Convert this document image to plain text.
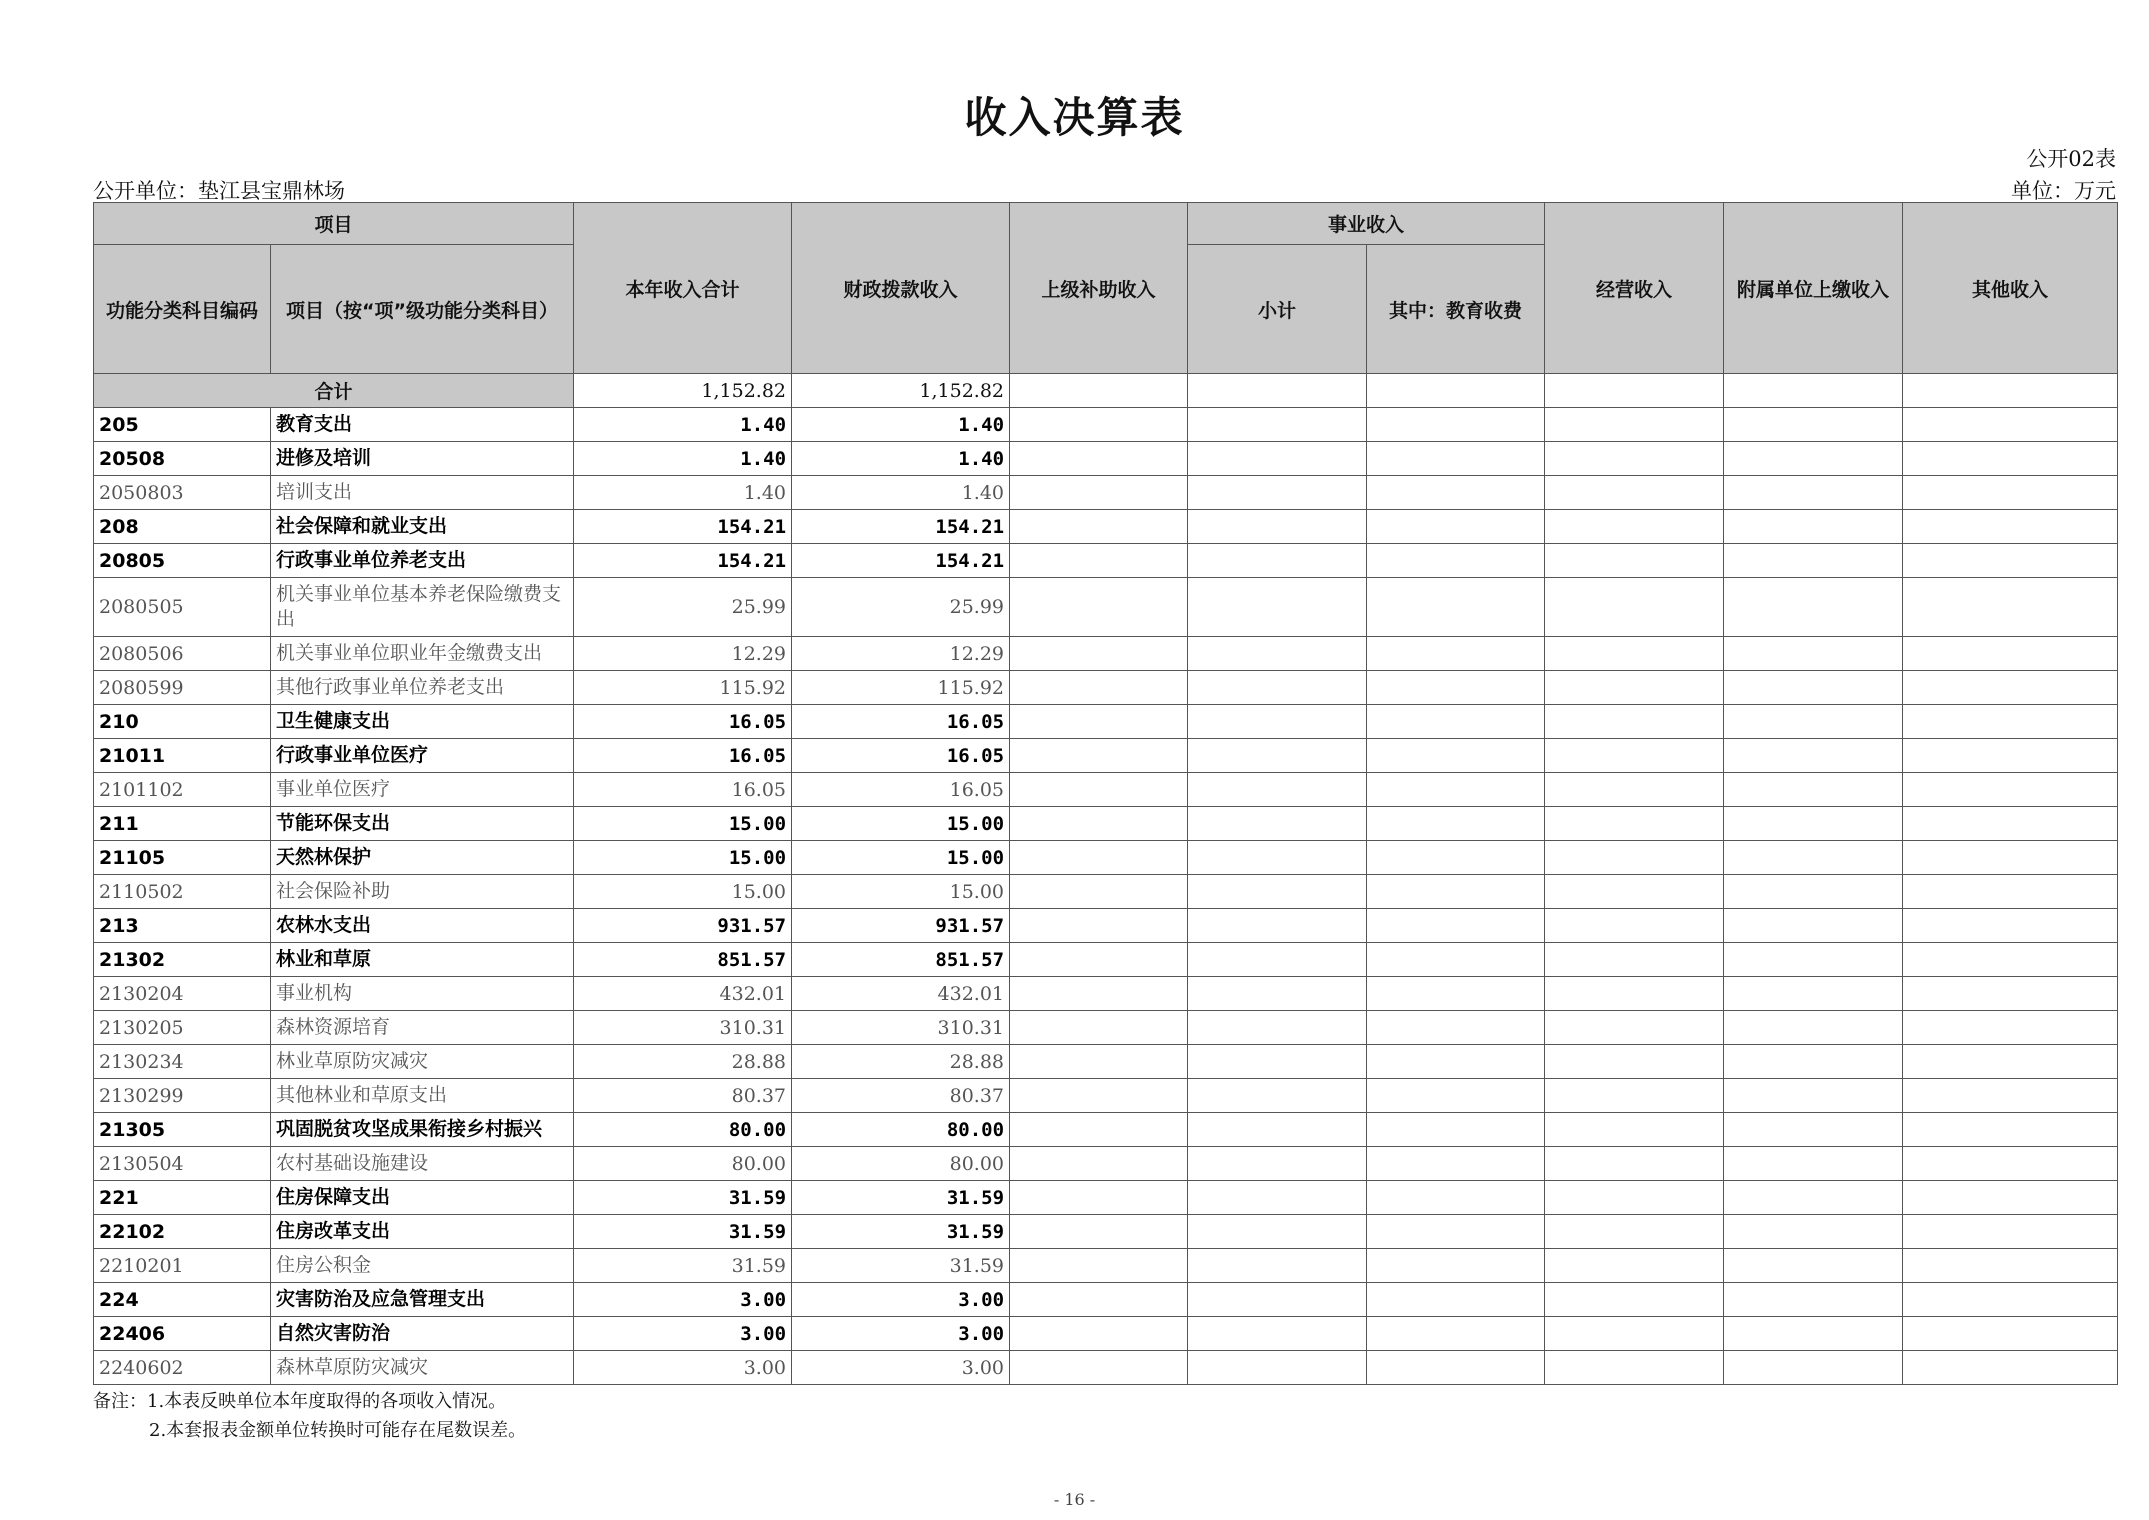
收入决算表
公开02表
公开单位：垫江县宝鼎林场	单位：万元
项目		本年收入合计	财政拨款收入	上级补助收入	事业收入		经营收入	附属单位上缴收入	其他收入
功能分类科目编码	项目（按“项”级功能分类科目）				小计	其中：教育收费			
合计		1,152.82	1,152.82						
205	教育支出	1.40	1.40						
20508	进修及培训	1.40	1.40						
2050803	培训支出	1.40	1.40						
208	社会保障和就业支出	154.21	154.21						
20805	行政事业单位养老支出	154.21	154.21						
2080505	机关事业单位基本养老保险缴费支出	25.99	25.99						
2080506	机关事业单位职业年金缴费支出	12.29	12.29						
2080599	其他行政事业单位养老支出	115.92	115.92						
210	卫生健康支出	16.05	16.05						
21011	行政事业单位医疗	16.05	16.05						
2101102	事业单位医疗	16.05	16.05						
211	节能环保支出	15.00	15.00						
21105	天然林保护	15.00	15.00						
2110502	社会保险补助	15.00	15.00						
213	农林水支出	931.57	931.57						
21302	林业和草原	851.57	851.57						
2130204	事业机构	432.01	432.01						
2130205	森林资源培育	310.31	310.31						
2130234	林业草原防灾减灾	28.88	28.88						
2130299	其他林业和草原支出	80.37	80.37						
21305	巩固脱贫攻坚成果衔接乡村振兴	80.00	80.00						
2130504	农村基础设施建设	80.00	80.00						
221	住房保障支出	31.59	31.59						
22102	住房改革支出	31.59	31.59						
2210201	住房公积金	31.59	31.59						
224	灾害防治及应急管理支出	3.00	3.00						
22406	自然灾害防治	3.00	3.00						
2240602	森林草原防灾减灾	3.00	3.00						
备注：1.本表反映单位本年度取得的各项收入情况。
2.本套报表金额单位转换时可能存在尾数误差。
- 16 -
